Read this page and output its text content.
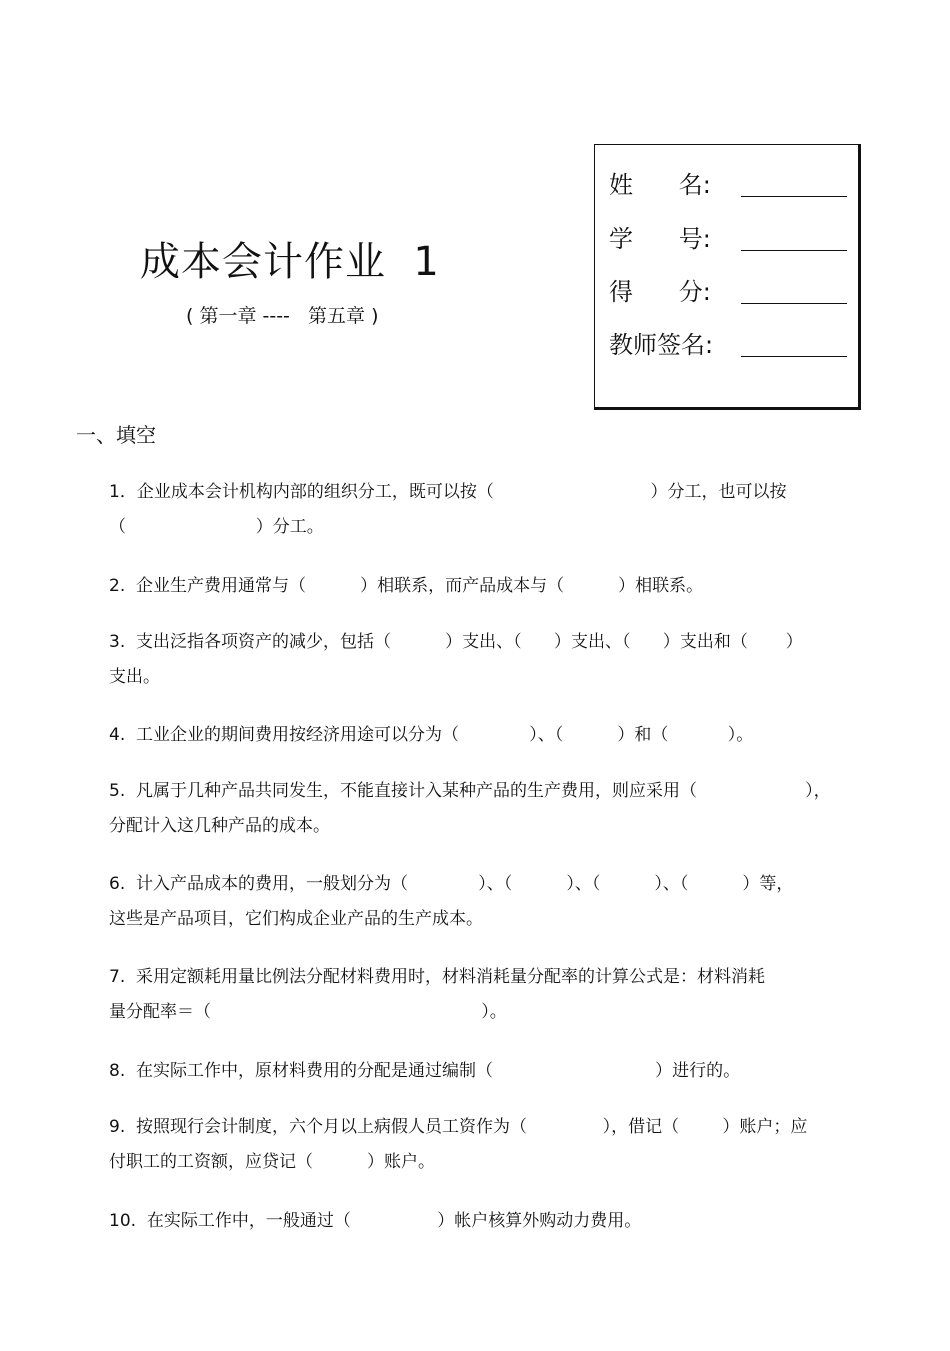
成本会计作业  1
( 第一章 ----   第五章 )
姓      名:
学      号:
得      分:
教师签名:
一、填空
1．企业成本会计机构内部的组织分工，既可以按（                             ）分工，也可以按
（                        ）分工。
2.  企业生产费用通常与（          ）相联系，而产品成本与（          ）相联系。
3.  支出泛指各项资产的减少，包括（          ）支出、（      ）支出、（      ）支出和（       ）
支出。
4.  工业企业的期间费用按经济用途可以分为（             ）、（          ）和（           ）。
5.  凡属于几种产品共同发生，不能直接计入某种产品的生产费用，则应采用（                    ），
分配计入这几种产品的成本。
6.  计入产品成本的费用，一般划分为（             ）、（          ）、（          ）、（          ）等，
这些是产品项目，它们构成企业产品的生产成本。
7.  采用定额耗用量比例法分配材料费用时，材料消耗量分配率的计算公式是：材料消耗
量分配率＝（                                                  ）。
8.  在实际工作中，原材料费用的分配是通过编制（                              ）进行的。
9.  按照现行会计制度，六个月以上病假人员工资作为（              ），借记（        ）账户；应
付职工的工资额，应贷记（          ）账户。
10.  在实际工作中，一般通过（                ）帐户核算外购动力费用。
